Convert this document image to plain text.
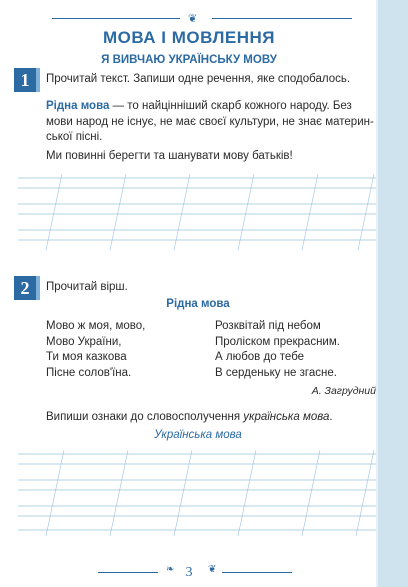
❦
МОВА І МОВЛЕННЯ
Я ВИВЧАЮ УКРАЇНСЬКУ МОВУ
1	Прочитай текст. Запиши одне речення, яке сподобалось.
Рідна мова — то найцінніший скарб кожного народу. Без
мови народ не існує, не має своєї культури, не знає материн-
ської пісні.
Ми повинні берегти та шанувати мову батьків!
2	Прочитай вірш.
Рідна мова
Мово ж моя, мово,
Мово України,
Ти моя казкова
Пісне солов'їна.
Розквітай під небом
Проліском прекрасним.
А любов до тебе
В серденьку не згасне.
А. Загрудний
Випиши ознаки до словосполучення українська мова.
Українська мова
❧ 3	❦
